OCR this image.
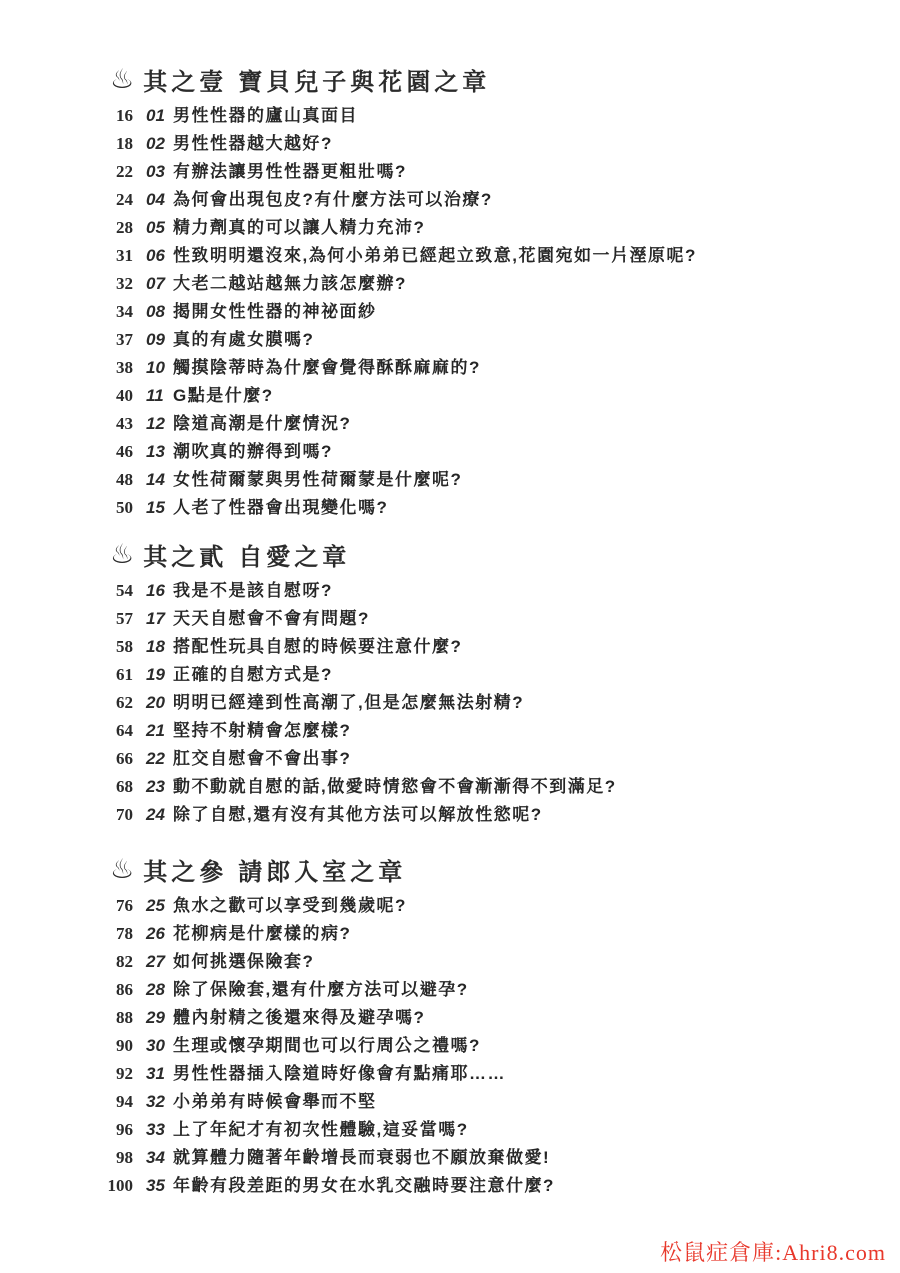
♨ 其之壹 寶貝兒子與花園之章
16 01 男性性器的廬山真面目
18 02 男性性器越大越好?
22 03 有辦法讓男性性器更粗壯嗎?
24 04 為何會出現包皮?有什麼方法可以治療?
28 05 精力劑真的可以讓人精力充沛?
31 06 性致明明還沒來,為何小弟弟已經起立致意,花園宛如一片溼原呢?
32 07 大老二越站越無力該怎麼辦?
34 08 揭開女性性器的神祕面紗
37 09 真的有處女膜嗎?
38 10 觸摸陰蒂時為什麼會覺得酥酥麻麻的?
40 11 G點是什麼?
43 12 陰道高潮是什麼情況?
46 13 潮吹真的辦得到嗎?
48 14 女性荷爾蒙與男性荷爾蒙是什麼呢?
50 15 人老了性器會出現變化嗎?
♨ 其之貳 自愛之章
54 16 我是不是該自慰呀?
57 17 天天自慰會不會有問題?
58 18 搭配性玩具自慰的時候要注意什麼?
61 19 正確的自慰方式是?
62 20 明明已經達到性高潮了,但是怎麼無法射精?
64 21 堅持不射精會怎麼樣?
66 22 肛交自慰會不會出事?
68 23 動不動就自慰的話,做愛時情慾會不會漸漸得不到滿足?
70 24 除了自慰,還有沒有其他方法可以解放性慾呢?
♨ 其之參 請郎入室之章
76 25 魚水之歡可以享受到幾歲呢?
78 26 花柳病是什麼樣的病?
82 27 如何挑選保險套?
86 28 除了保險套,還有什麼方法可以避孕?
88 29 體內射精之後還來得及避孕嗎?
90 30 生理或懷孕期間也可以行周公之禮嗎?
92 31 男性性器插入陰道時好像會有點痛耶……
94 32 小弟弟有時候會舉而不堅
96 33 上了年紀才有初次性體驗,這妥當嗎?
98 34 就算體力隨著年齡增長而衰弱也不願放棄做愛!
100 35 年齡有段差距的男女在水乳交融時要注意什麼?
松鼠症倉庫:Ahri8.com
